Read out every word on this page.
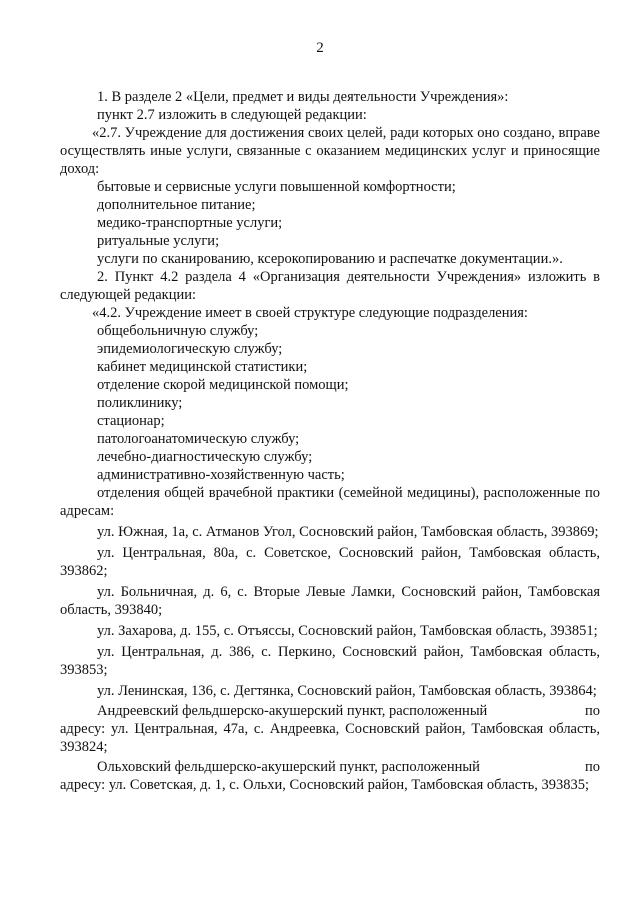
2

1. В разделе 2 «Цели, предмет и виды деятельности Учреждения»:

пункт 2.7 изложить в следующей редакции:

«2.7. Учреждение для достижения своих целей, ради которых оно создано, вправе осуществлять иные услуги, связанные с оказанием медицинских услуг и приносящие доход:

бытовые и сервисные услуги повышенной комфортности;

дополнительное питание;

медико-транспортные услуги;

ритуальные услуги;

услуги по сканированию, ксерокопированию и распечатке документации.».

2. Пункт 4.2 раздела 4 «Организация деятельности Учреждения» изложить в следующей редакции:

«4.2. Учреждение имеет в своей структуре следующие подразделения:

общебольничную службу;

эпидемиологическую службу;

кабинет медицинской статистики;

отделение скорой медицинской помощи;

поликлинику;

стационар;

патологоанатомическую службу;

лечебно-диагностическую службу;

административно-хозяйственную часть;

отделения общей врачебной практики (семейной медицины), расположенные по адресам:

ул. Южная, 1а, с. Атманов Угол, Сосновский район, Тамбовская область, 393869;

ул. Центральная, 80а, с. Советское, Сосновский район, Тамбовская область, 393862;

ул. Больничная, д. 6, с. Вторые Левые Ламки, Сосновский район, Тамбовская область, 393840;

ул. Захарова, д. 155, с. Отъяссы, Сосновский район, Тамбовская область, 393851;

ул. Центральная, д. 386, с. Перкино, Сосновский район, Тамбовская область, 393853;

ул. Ленинская, 136, с. Дегтянка, Сосновский район, Тамбовская область, 393864;

Андреевский фельдшерско-акушерский пункт, расположенный	по

адресу: ул. Центральная, 47а, с. Андреевка, Сосновский район, Тамбовская область, 393824;

Ольховский фельдшерско-акушерский пункт, расположенный	по

адресу: ул. Советская, д. 1, с. Ольхи, Сосновский район, Тамбовская область, 393835;
